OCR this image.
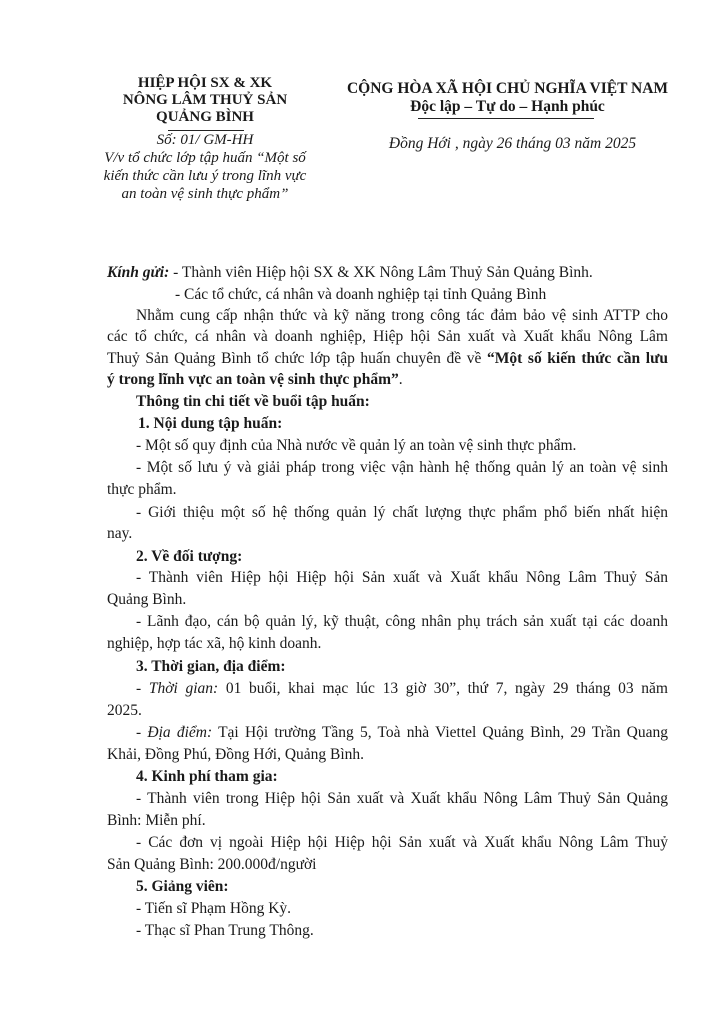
HIỆP HỘI SX & XK
NÔNG LÂM THUỶ SẢN
QUẢNG BÌNH
Số: 01/ GM-HH
V/v tổ chức lớp tập huấn “Một số
kiến thức cần lưu ý trong lĩnh vực
an toàn vệ sinh thực phẩm”
CỘNG HÒA XÃ HỘI CHỦ NGHĨA VIỆT NAM
Độc lập – Tự do – Hạnh phúc
Đồng Hới , ngày 26 tháng 03 năm 2025
Kính gửi: - Thành viên Hiệp hội SX & XK Nông Lâm Thuỷ Sản Quảng Bình.
- Các tổ chức, cá nhân và doanh nghiệp tại tỉnh Quảng Bình
Nhằm cung cấp nhận thức và kỹ năng trong công tác đảm bảo vệ sinh ATTP cho
các tổ chức, cá nhân và doanh nghiệp, Hiệp hội Sản xuất và Xuất khẩu Nông Lâm
Thuỷ Sản Quảng Bình tổ chức lớp tập huấn chuyên đề về “Một số kiến thức cần lưu
ý trong lĩnh vực an toàn vệ sinh thực phẩm”.
Thông tin chi tiết về buổi tập huấn:
1. Nội dung tập huấn:
- Một số quy định của Nhà nước về quản lý an toàn vệ sinh thực phẩm.
- Một số lưu ý và giải pháp trong việc vận hành hệ thống quản lý an toàn vệ sinh
thực phẩm.
- Giới thiệu một số hệ thống quản lý chất lượng thực phẩm phổ biến nhất hiện
nay.
2. Về đối tượng:
- Thành viên Hiệp hội Hiệp hội Sản xuất và Xuất khẩu Nông Lâm Thuỷ Sản
Quảng Bình.
- Lãnh đạo, cán bộ quản lý, kỹ thuật, công nhân phụ trách sản xuất tại các doanh
nghiệp, hợp tác xã, hộ kinh doanh.
3. Thời gian, địa điểm:
- Thời gian: 01 buổi, khai mạc lúc 13 giờ 30”, thứ 7, ngày 29 tháng 03 năm
2025.
- Địa điểm: Tại Hội trường Tầng 5, Toà nhà Viettel Quảng Bình, 29 Trần Quang
Khải, Đồng Phú, Đồng Hới, Quảng Bình.
4. Kinh phí tham gia:
- Thành viên trong Hiệp hội Sản xuất và Xuất khẩu Nông Lâm Thuỷ Sản Quảng
Bình: Miễn phí.
- Các đơn vị ngoài Hiệp hội Hiệp hội Sản xuất và Xuất khẩu Nông Lâm Thuỷ
Sản Quảng Bình: 200.000đ/người
5. Giảng viên:
- Tiến sĩ Phạm Hồng Kỳ.
- Thạc sĩ Phan Trung Thông.
